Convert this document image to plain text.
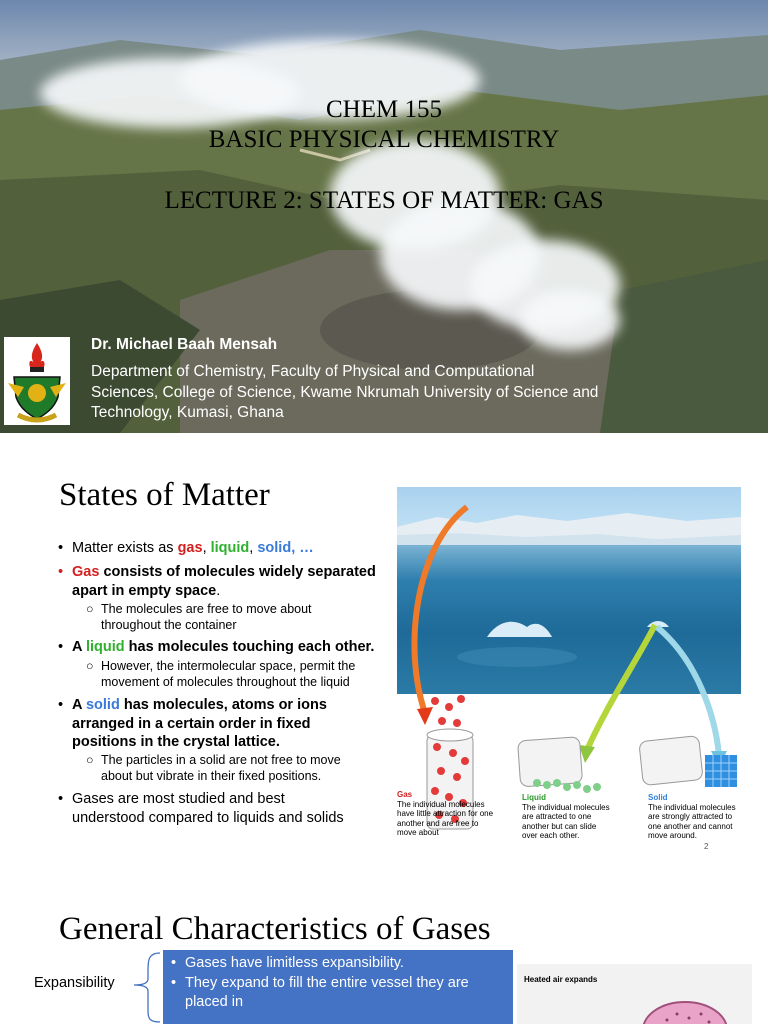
CHEM 155
BASIC PHYSICAL CHEMISTRY
LECTURE 2: STATES OF MATTER: GAS
Dr. Michael Baah Mensah
Department of Chemistry, Faculty of Physical and Computational
Sciences, College of Science, Kwame Nkrumah University of Science and
Technology, Kumasi, Ghana
States of Matter
• Matter exists as gas, liquid, solid, …
• Gas consists of molecules widely separated
apart in empty space.
○ The molecules are free to move about
throughout the container
• A liquid has molecules touching each other.
○ However, the intermolecular space, permit the
movement of molecules throughout the liquid
• A solid has molecules, atoms or ions
arranged in a certain order in fixed
positions in the crystal lattice.
○ The particles in a solid are not free to move
about but vibrate in their fixed positions.
• Gases are most studied and best
understood compared to liquids and solids
Gas
The individual molecules
have little attraction for one
another and are free to
move about
Liquid
The individual molecules
are attracted to one
another but can slide
over each other.
Solid
The individual molecules
are strongly attracted to
one another and cannot
move around.
2
General Characteristics of Gases
Expansibility
• Gases have limitless expansibility.
• They expand to fill the entire vessel they are
placed in
Heated air expands
